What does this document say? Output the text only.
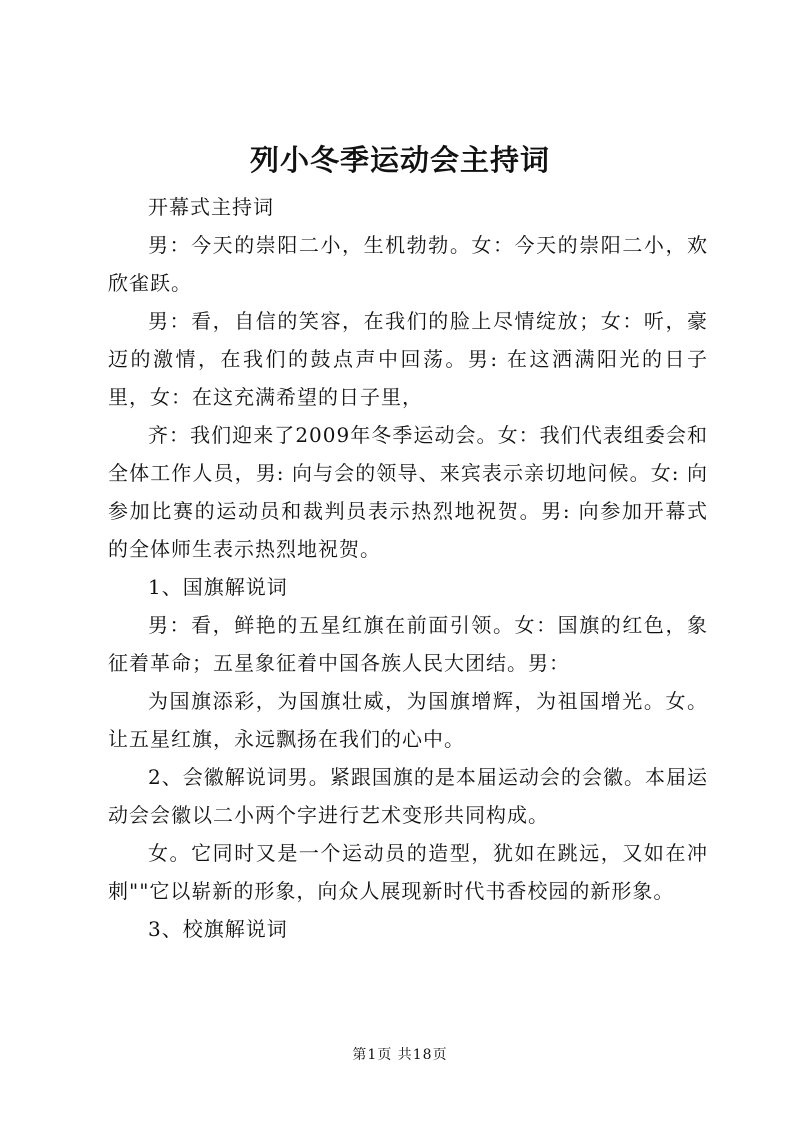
列小冬季运动会主持词

开幕式主持词

男：今天的崇阳二小，生机勃勃。女：今天的崇阳二小，欢欣雀跃。

男：看，自信的笑容，在我们的脸上尽情绽放；女：听，豪迈的激情，在我们的鼓点声中回荡。男: 在这洒满阳光的日子里，女：在这充满希望的日子里，

齐：我们迎来了2009年冬季运动会。女：我们代表组委会和全体工作人员，男: 向与会的领导、来宾表示亲切地问候。女: 向参加比赛的运动员和裁判员表示热烈地祝贺。男: 向参加开幕式的全体师生表示热烈地祝贺。

1、国旗解说词

男：看，鲜艳的五星红旗在前面引领。女：国旗的红色，象征着革命；五星象征着中国各族人民大团结。男：

为国旗添彩，为国旗壮威，为国旗增辉，为祖国增光。女。让五星红旗，永远飘扬在我们的心中。

2、会徽解说词男。紧跟国旗的是本届运动会的会徽。本届运动会会徽以二小两个字进行艺术变形共同构成。

女。它同时又是一个运动员的造型，犹如在跳远，又如在冲刺""它以崭新的形象，向众人展现新时代书香校园的新形象。

3、校旗解说词

第1页 共18页
